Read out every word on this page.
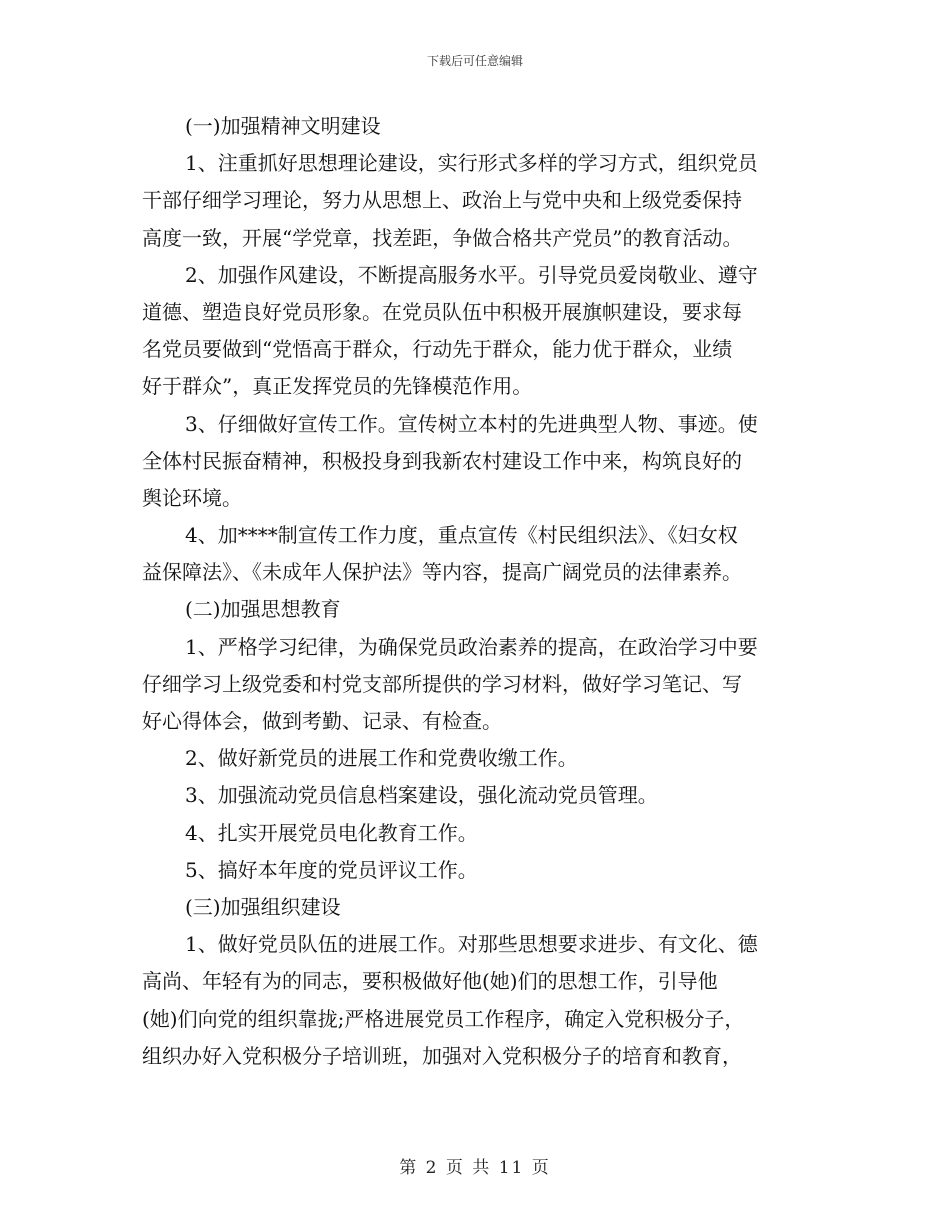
下载后可任意编辑
(一)加强精神文明建设
1、注重抓好思想理论建设，实行形式多样的学习方式，组织党员
干部仔细学习理论，努力从思想上、政治上与党中央和上级党委保持
高度一致，开展“学党章，找差距，争做合格共产党员”的教育活动。
2、加强作风建设，不断提高服务水平。引导党员爱岗敬业、遵守
道德、塑造良好党员形象。在党员队伍中积极开展旗帜建设，要求每
名党员要做到“党悟高于群众，行动先于群众，能力优于群众，业绩
好于群众”，真正发挥党员的先锋模范作用。
3、仔细做好宣传工作。宣传树立本村的先进典型人物、事迹。使
全体村民振奋精神，积极投身到我新农村建设工作中来，构筑良好的
舆论环境。
4、加****制宣传工作力度，重点宣传《村民组织法》、《妇女权
益保障法》、《未成年人保护法》等内容，提高广阔党员的法律素养。
(二)加强思想教育
1、严格学习纪律，为确保党员政治素养的提高，在政治学习中要
仔细学习上级党委和村党支部所提供的学习材料，做好学习笔记、写
好心得体会，做到考勤、记录、有检查。
2、做好新党员的进展工作和党费收缴工作。
3、加强流动党员信息档案建设，强化流动党员管理。
4、扎实开展党员电化教育工作。
5、搞好本年度的党员评议工作。
(三)加强组织建设
1、做好党员队伍的进展工作。对那些思想要求进步、有文化、德
高尚、年轻有为的同志，要积极做好他(她)们的思想工作，引导他
(她)们向党的组织靠拢;严格进展党员工作程序，确定入党积极分子，
组织办好入党积极分子培训班，加强对入党积极分子的培育和教育，
第 2 页 共 11 页
